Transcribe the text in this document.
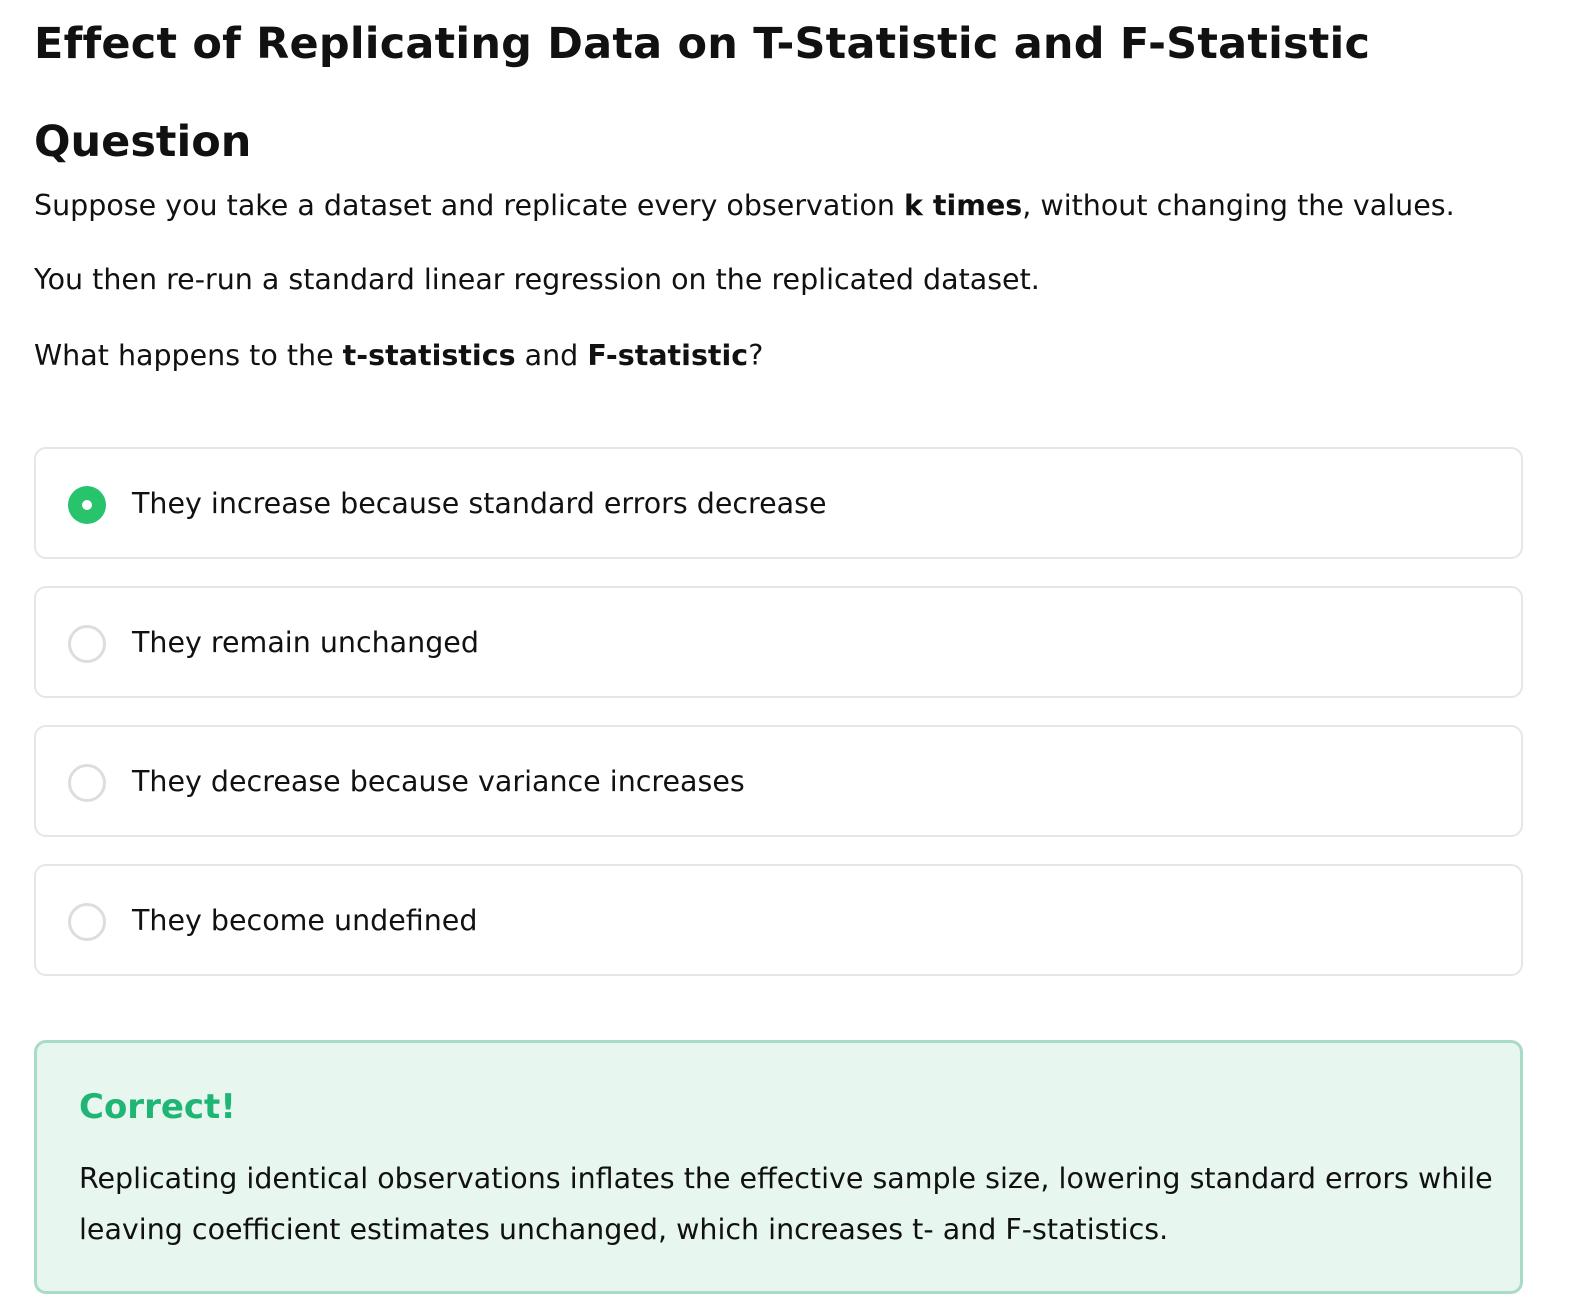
Effect of Replicating Data on T-Statistic and F-Statistic
Question

Suppose you take a dataset and replicate every observation k times, without changing the values.

You then re-run a standard linear regression on the replicated dataset.

What happens to the t-statistics and F-statistic?

They increase because standard errors decrease
They remain unchanged
They decrease because variance increases
They become undefined

Correct!

Replicating identical observations inflates the effective sample size, lowering standard errors while leaving coefficient estimates unchanged, which increases t- and F-statistics.
